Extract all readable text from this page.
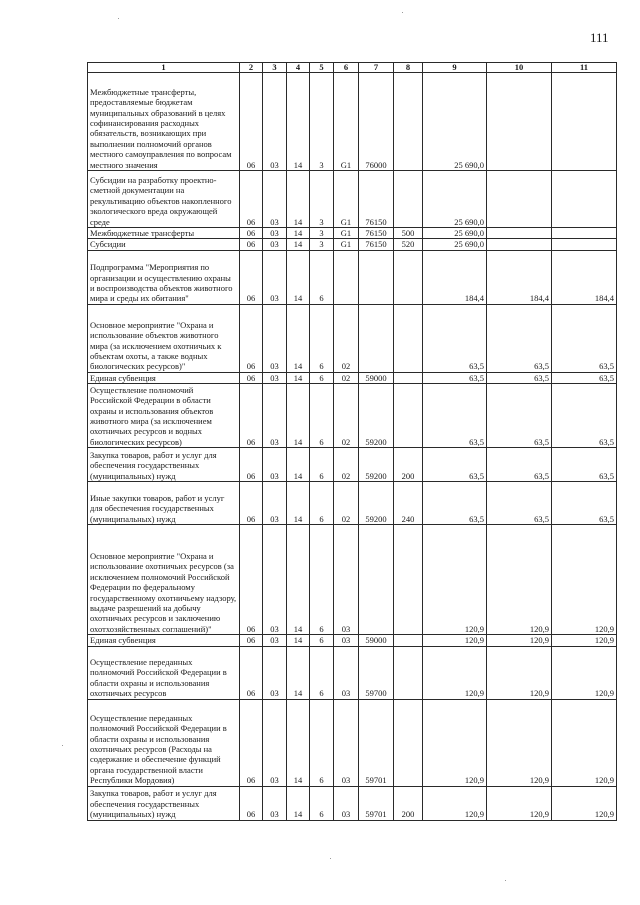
111
1	2	3	4	5	6	7	8	9	10	11
Межбюджетные трансферты, предоставляемые бюджетам муниципальных образований в целях софинансирования расходных обязательств, возникающих при выполнении полномочий органов местного самоуправления по вопросам местного значения	06	03	14	3	G1	76000		25 690,0		
Субсидии на разработку проектно-сметной документации на рекультивацию объектов накопленного экологического вреда окружающей среде	06	03	14	3	G1	76150		25 690,0		
Межбюджетные трансферты	06	03	14	3	G1	76150	500	25 690,0		
Субсидии	06	03	14	3	G1	76150	520	25 690,0		
Подпрограмма "Мероприятия по организации и осуществлению охраны и воспроизводства объектов животного мира и среды их обитания"	06	03	14	6				184,4	184,4	184,4
Основное мероприятие "Охрана и использование объектов животного мира (за исключением охотничьих к объектам охоты, а также водных биологических ресурсов)"	06	03	14	6	02			63,5	63,5	63,5
Единая субвенция	06	03	14	6	02	59000		63,5	63,5	63,5
Осуществление полномочий Российской Федерации в области охраны и использования объектов животного мира (за исключением охотничьих ресурсов и водных биологических ресурсов)	06	03	14	6	02	59200		63,5	63,5	63,5
Закупка товаров, работ и услуг для обеспечения государственных (муниципальных) нужд	06	03	14	6	02	59200	200	63,5	63,5	63,5
Иные закупки товаров, работ и услуг для обеспечения государственных (муниципальных) нужд	06	03	14	6	02	59200	240	63,5	63,5	63,5
Основное мероприятие "Охрана и использование охотничьих ресурсов (за исключением полномочий Российской Федерации по федеральному государственному охотничьему надзору, выдаче разрешений на добычу охотничьих ресурсов и заключению охотхозяйственных соглашений)"	06	03	14	6	03			120,9	120,9	120,9
Единая субвенция	06	03	14	6	03	59000		120,9	120,9	120,9
Осуществление переданных полномочий Российской Федерации в области охраны и использования охотничьих ресурсов	06	03	14	6	03	59700		120,9	120,9	120,9
Осуществление переданных полномочий Российской Федерации в области охраны и использования охотничьих ресурсов (Расходы на содержание и обеспечение функций органа государственной власти Республики Мордовия)	06	03	14	6	03	59701		120,9	120,9	120,9
Закупка товаров, работ и услуг для обеспечения государственных (муниципальных) нужд	06	03	14	6	03	59701	200	120,9	120,9	120,9
